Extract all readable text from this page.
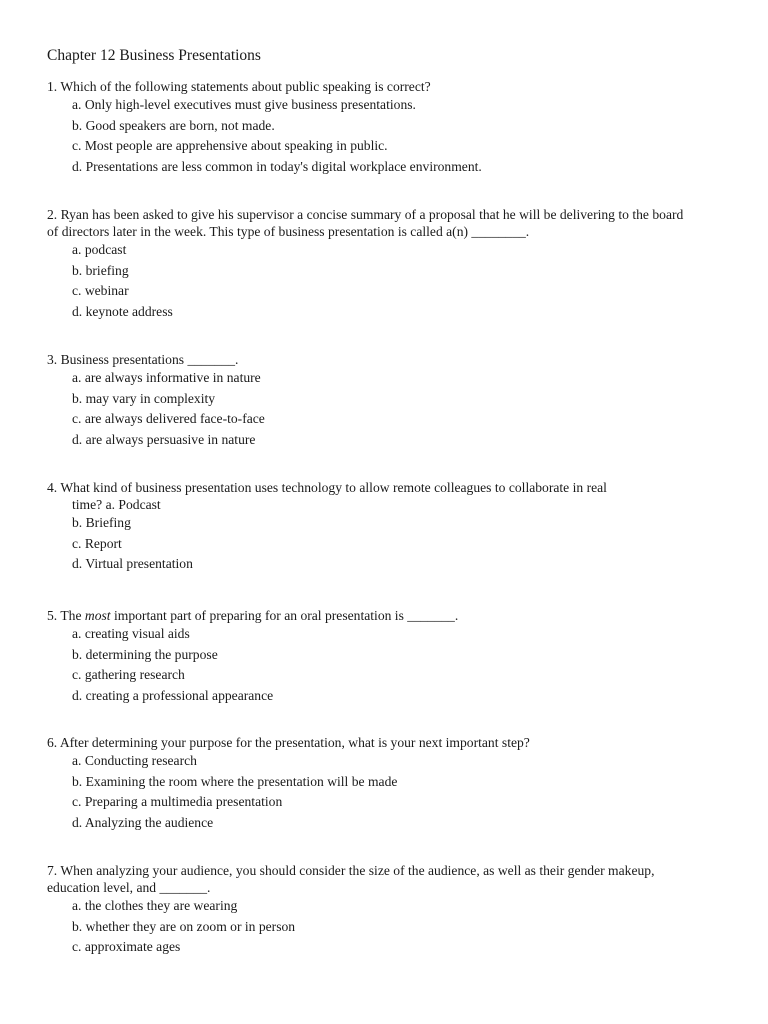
Chapter 12 Business Presentations
1. Which of the following statements about public speaking is correct?
a. Only high-level executives must give business presentations.
b. Good speakers are born, not made.
c. Most people are apprehensive about speaking in public.
d. Presentations are less common in today's digital workplace environment.
2. Ryan has been asked to give his supervisor a concise summary of a proposal that he will be delivering to the board
of directors later in the week. This type of business presentation is called a(n) ________.
a. podcast
b. briefing
c. webinar
d. keynote address
3. Business presentations _______.
a. are always informative in nature
b. may vary in complexity
c. are always delivered face-to-face
d. are always persuasive in nature
4. What kind of business presentation uses technology to allow remote colleagues to collaborate in real
time? a. Podcast
b. Briefing
c. Report
d. Virtual presentation
5. The most important part of preparing for an oral presentation is _______.
a. creating visual aids
b. determining the purpose
c. gathering research
d. creating a professional appearance
6. After determining your purpose for the presentation, what is your next important step?
a. Conducting research
b. Examining the room where the presentation will be made
c. Preparing a multimedia presentation
d. Analyzing the audience
7. When analyzing your audience, you should consider the size of the audience, as well as their gender makeup,
education level, and _______.
a. the clothes they are wearing
b. whether they are on zoom or in person
c. approximate ages
